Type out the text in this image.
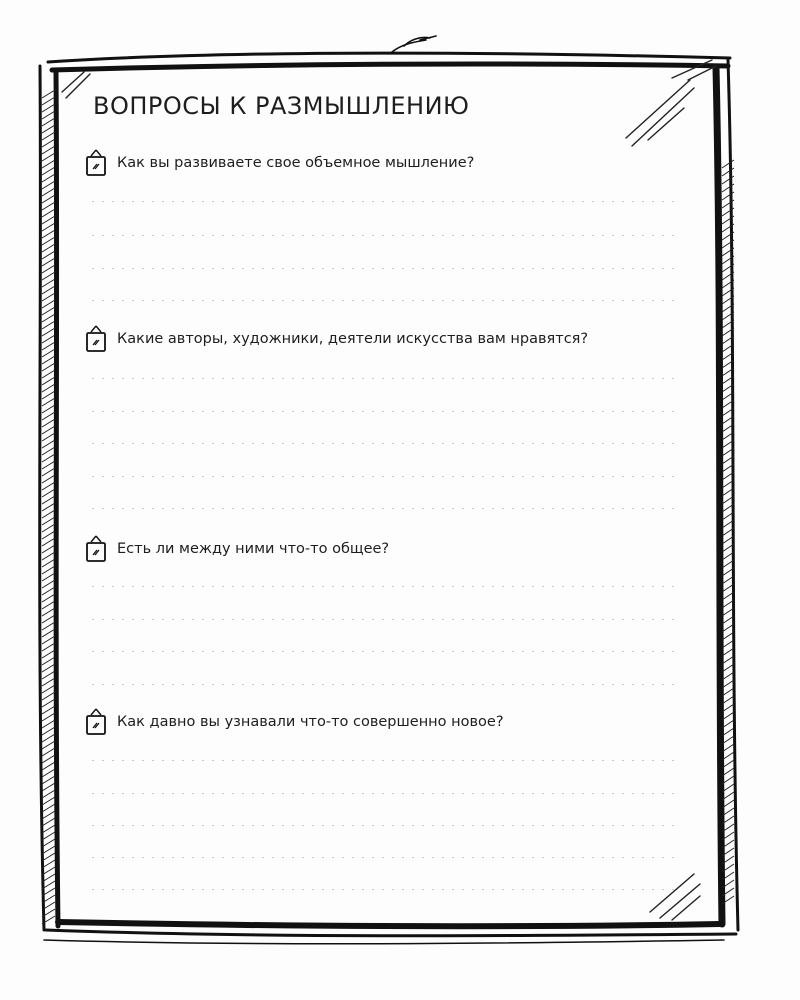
ВОПРОСЫ К РАЗМЫШЛЕНИЮ
Как вы развиваете свое объемное мышление?
Какие авторы, художники, деятели искусства вам нравятся?
Есть ли между ними что-то общее?
Как давно вы узнавали что-то совершенно новое?
